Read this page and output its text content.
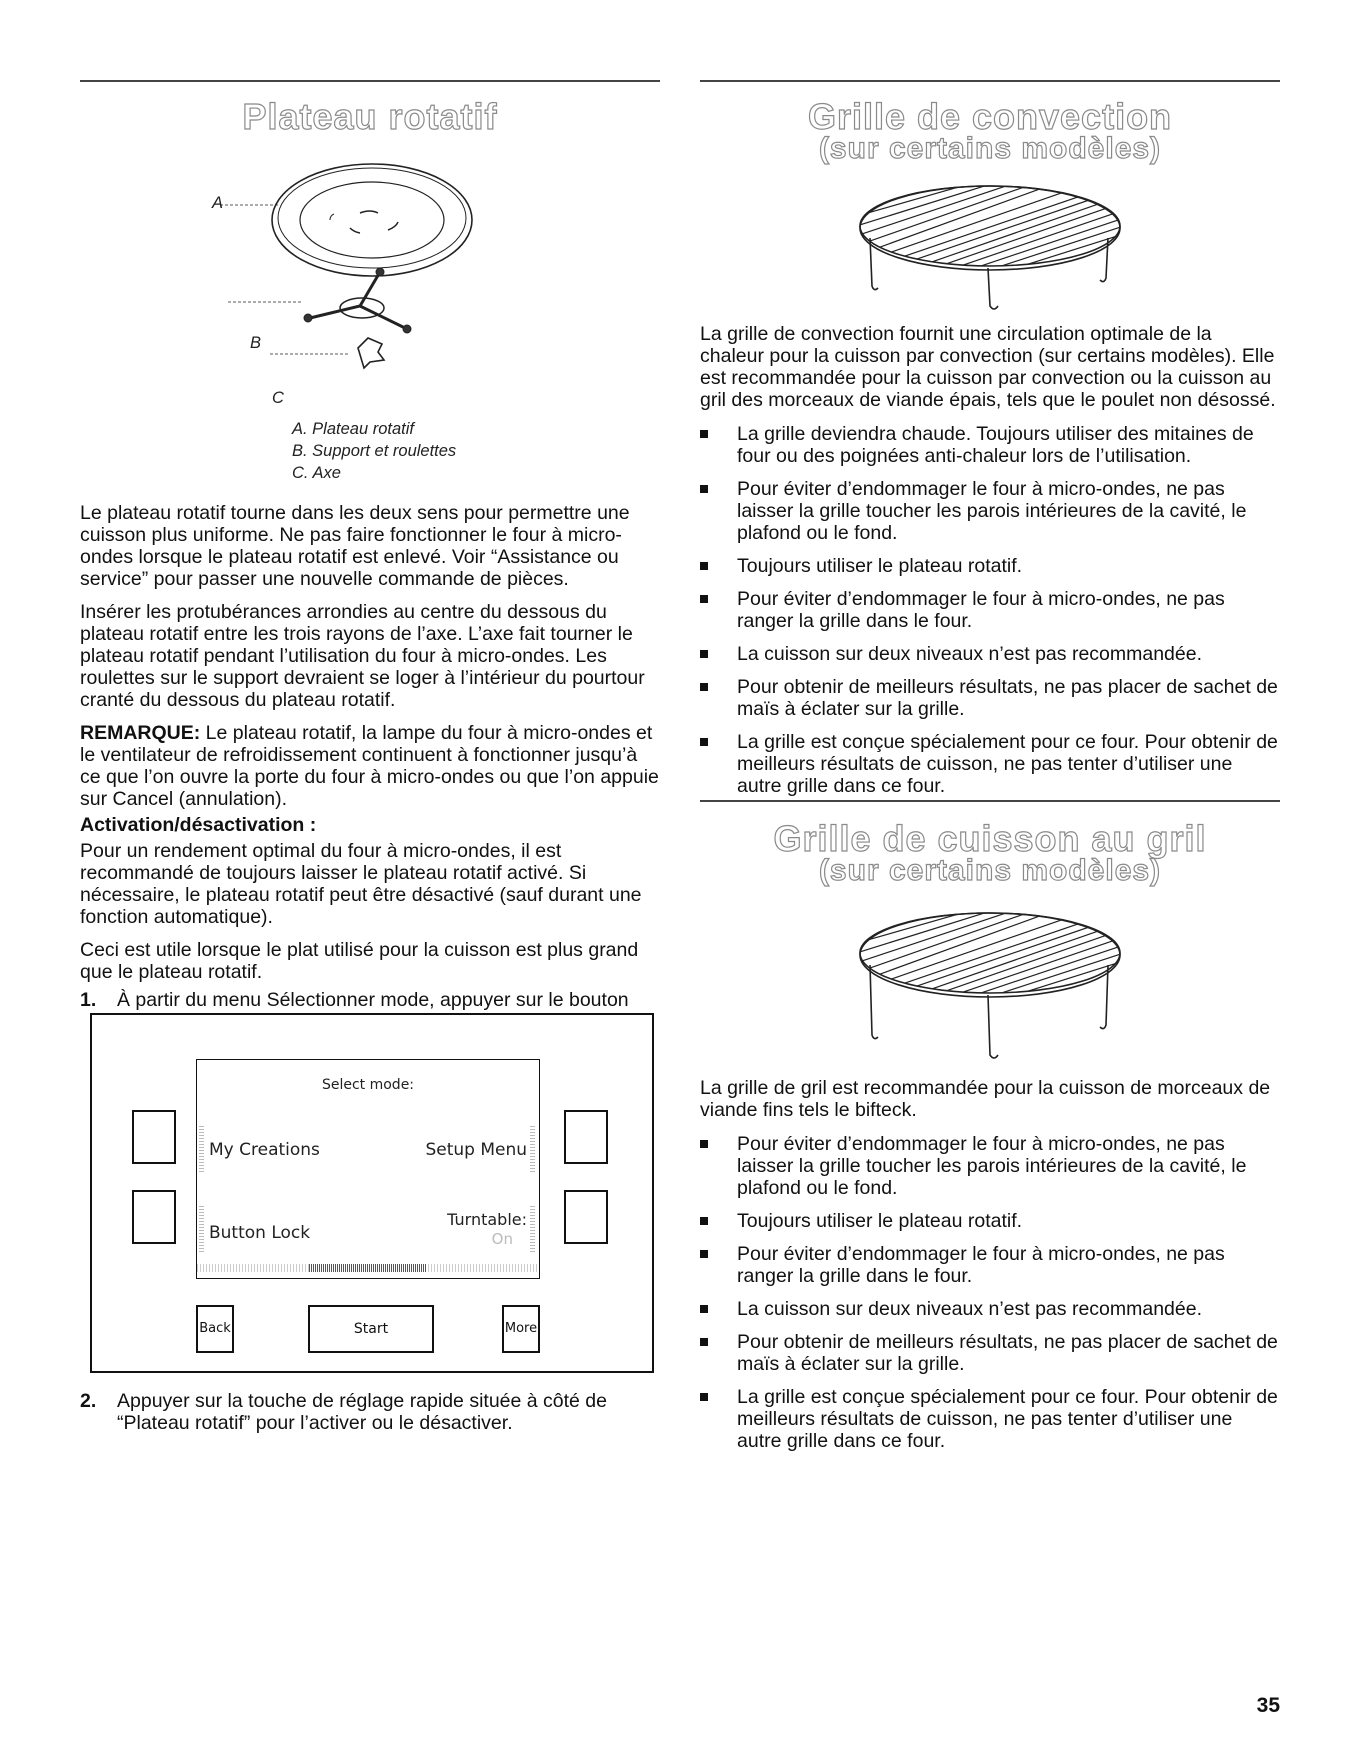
Plateau rotatif
A
B
C
A. Plateau rotatif
B. Support et roulettes
C. Axe

Le plateau rotatif tourne dans les deux sens pour permettre une cuisson plus uniforme. Ne pas faire fonctionner le four à micro-ondes lorsque le plateau rotatif est enlevé. Voir “Assistance ou service” pour passer une nouvelle commande de pièces.

Insérer les protubérances arrondies au centre du dessous du plateau rotatif entre les trois rayons de l’axe. L’axe fait tourner le plateau rotatif pendant l’utilisation du four à micro-ondes. Les roulettes sur le support devraient se loger à l’intérieur du pourtour cranté du dessous du plateau rotatif.

REMARQUE: Le plateau rotatif, la lampe du four à micro-ondes et le ventilateur de refroidissement continuent à fonctionner jusqu’à ce que l’on ouvre la porte du four à micro-ondes ou que l’on appuie sur Cancel (annulation).

Activation/désactivation :

Pour un rendement optimal du four à micro-ondes, il est recommandé de toujours laisser le plateau rotatif activé. Si nécessaire, le plateau rotatif peut être désactivé (sauf durant une fonction automatique).

Ceci est utile lorsque le plat utilisé pour la cuisson est plus grand que le plateau rotatif.

1. À partir du menu Sélectionner mode, appuyer sur le bouton
Select mode:
My Creations	Setup Menu
Button Lock
Turntable:
On
Back	Start	More
2. Appuyer sur la touche de réglage rapide située à côté de “Plateau rotatif” pour l’activer ou le désactiver.
Grille de convection
(sur certains modèles)

La grille de convection fournit une circulation optimale de la chaleur pour la cuisson par convection (sur certains modèles). Elle est recommandée pour la cuisson par convection ou la cuisson au gril des morceaux de viande épais, tels que le poulet non désossé.

La grille deviendra chaude. Toujours utiliser des mitaines de four ou des poignées anti-chaleur lors de l’utilisation.
Pour éviter d’endommager le four à micro-ondes, ne pas laisser la grille toucher les parois intérieures de la cavité, le plafond ou le fond.
Toujours utiliser le plateau rotatif.
Pour éviter d’endommager le four à micro-ondes, ne pas ranger la grille dans le four.
La cuisson sur deux niveaux n’est pas recommandée.
Pour obtenir de meilleurs résultats, ne pas placer de sachet de maïs à éclater sur la grille.
La grille est conçue spécialement pour ce four. Pour obtenir de meilleurs résultats de cuisson, ne pas tenter d’utiliser une autre grille dans ce four.
Grille de cuisson au gril
(sur certains modèles)

La grille de gril est recommandée pour la cuisson de morceaux de viande fins tels le bifteck.

Pour éviter d’endommager le four à micro-ondes, ne pas laisser la grille toucher les parois intérieures de la cavité, le plafond ou le fond.
Toujours utiliser le plateau rotatif.
Pour éviter d’endommager le four à micro-ondes, ne pas ranger la grille dans le four.
La cuisson sur deux niveaux n’est pas recommandée.
Pour obtenir de meilleurs résultats, ne pas placer de sachet de maïs à éclater sur la grille.
La grille est conçue spécialement pour ce four. Pour obtenir de meilleurs résultats de cuisson, ne pas tenter d’utiliser une autre grille dans ce four.
35
